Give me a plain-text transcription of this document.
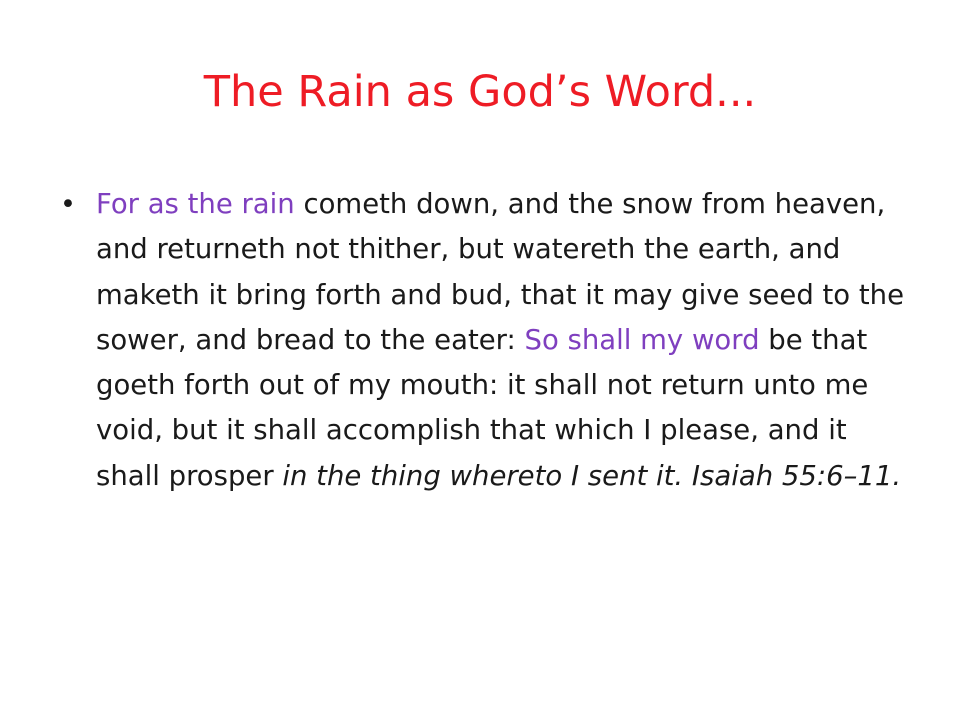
The Rain as God’s Word...
• For as the rain cometh down, and the snow from heaven, and returneth not thither, but watereth the earth, and maketh it bring forth and bud, that it may give seed to the sower, and bread to the eater: So shall my word be that goeth forth out of my mouth: it shall not return unto me void, but it shall accomplish that which I please, and it shall prosper in the thing whereto I sent it. Isaiah 55:6–11.
